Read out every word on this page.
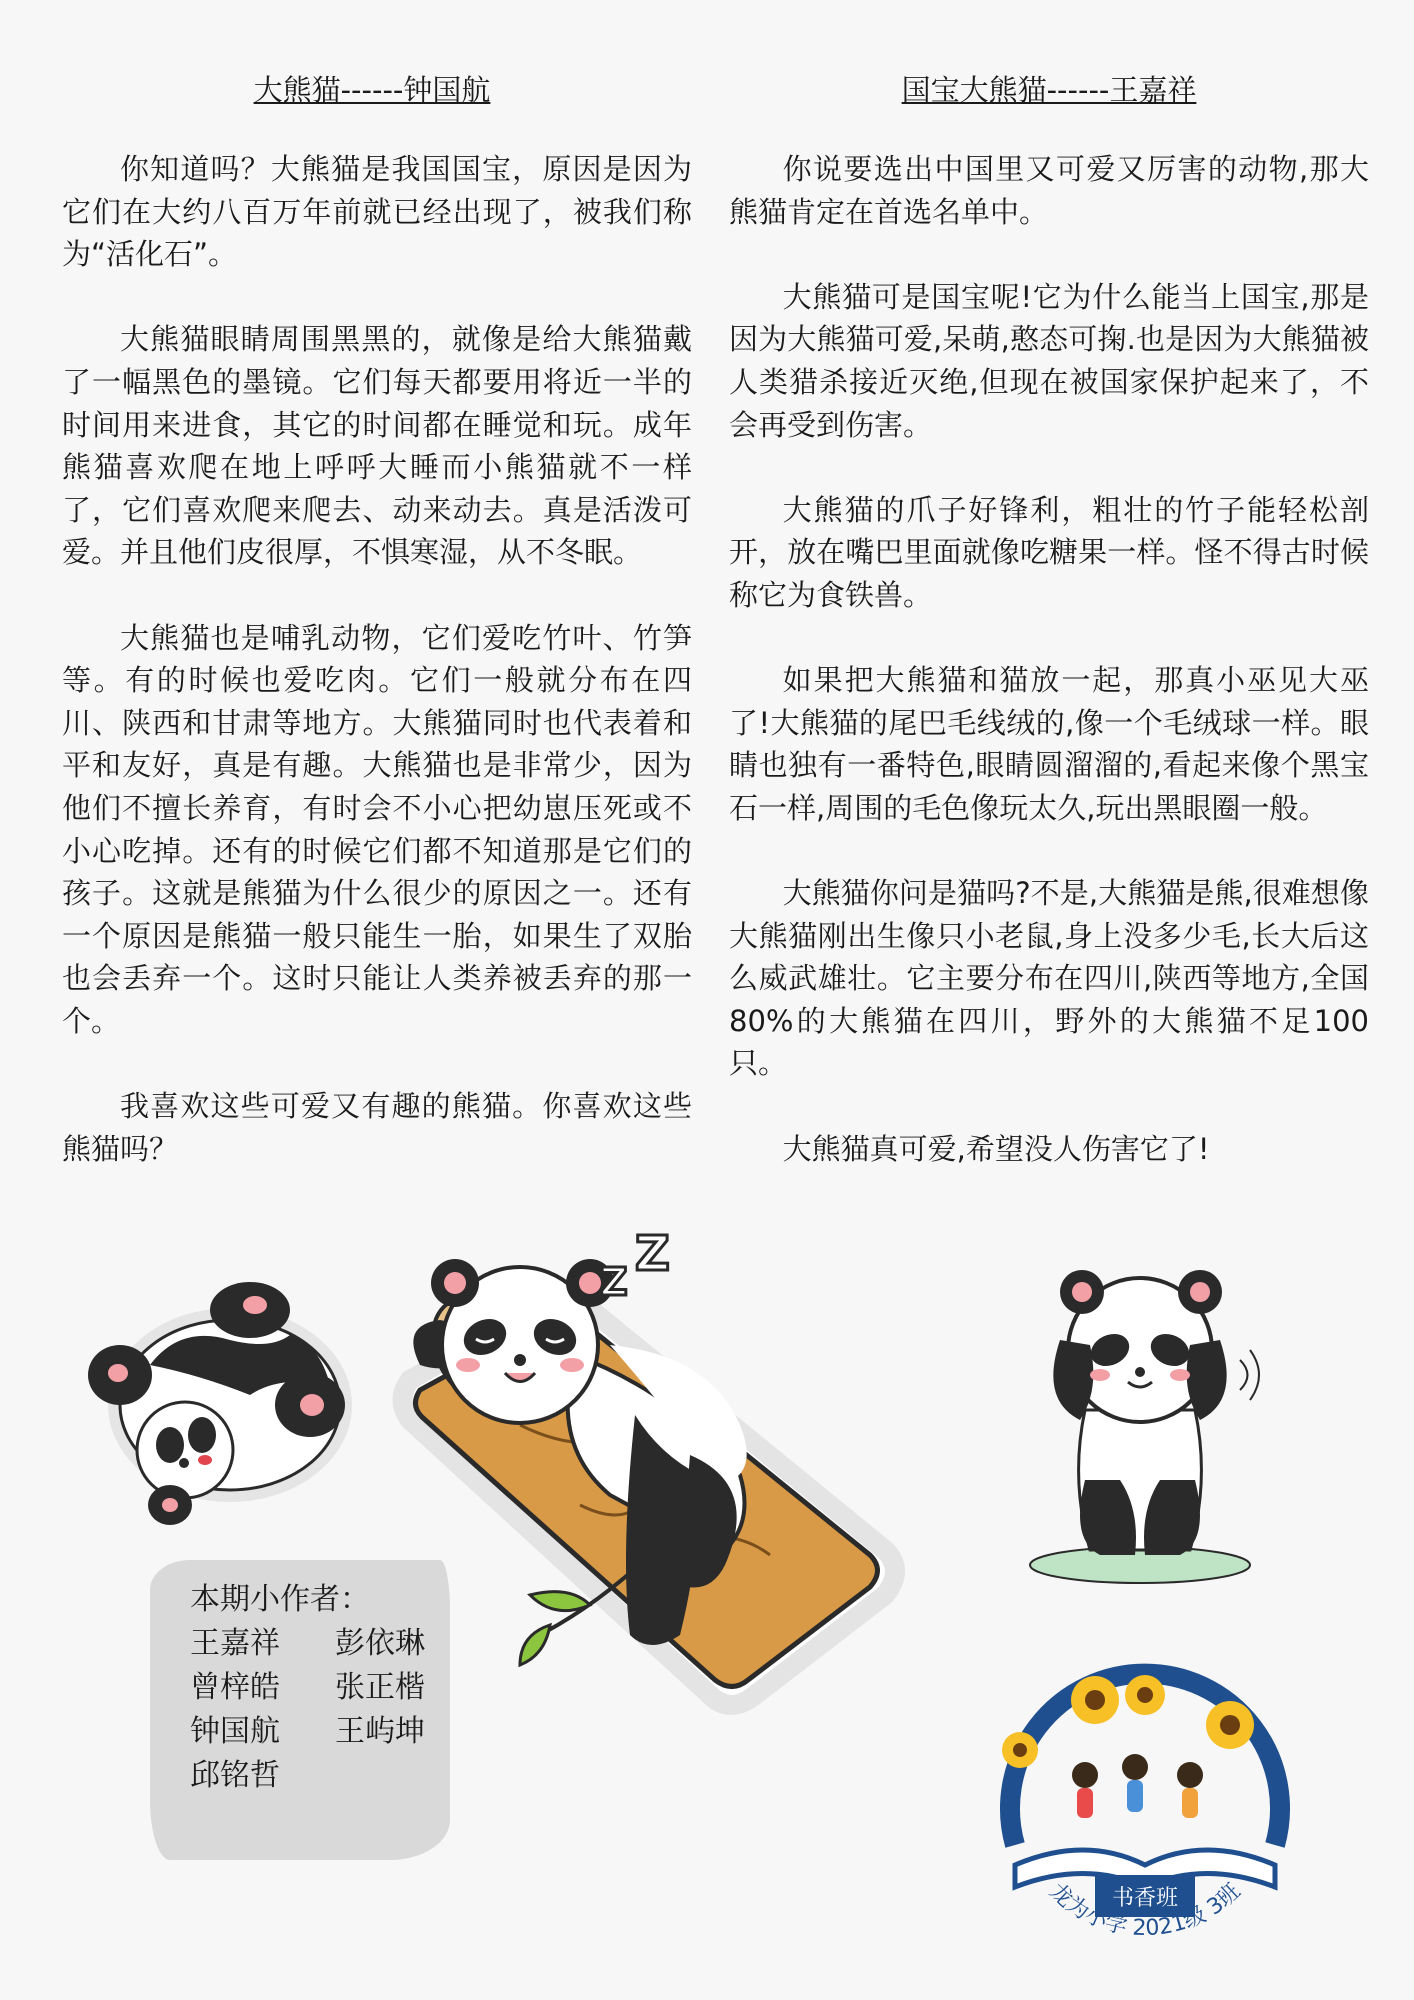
大熊猫------钟国航

你知道吗？大熊猫是我国国宝，原因是因为它们在大约八百万年前就已经出现了，被我们称为“活化石”。

大熊猫眼睛周围黑黑的，就像是给大熊猫戴了一幅黑色的墨镜。它们每天都要用将近一半的时间用来进食，其它的时间都在睡觉和玩。成年熊猫喜欢爬在地上呼呼大睡而小熊猫就不一样了，它们喜欢爬来爬去、动来动去。真是活泼可爱。并且他们皮很厚，不惧寒湿，从不冬眠。

大熊猫也是哺乳动物，它们爱吃竹叶、竹笋等。有的时候也爱吃肉。它们一般就分布在四川、陕西和甘肃等地方。大熊猫同时也代表着和平和友好，真是有趣。大熊猫也是非常少，因为他们不擅长养育，有时会不小心把幼崽压死或不小心吃掉。还有的时候它们都不知道那是它们的孩子。这就是熊猫为什么很少的原因之一。还有一个原因是熊猫一般只能生一胎，如果生了双胎也会丢弃一个。这时只能让人类养被丢弃的那一个。

我喜欢这些可爱又有趣的熊猫。你喜欢这些熊猫吗？

国宝大熊猫------王嘉祥

你说要选出中国里又可爱又厉害的动物,那大熊猫肯定在首选名单中。

大熊猫可是国宝呢!它为什么能当上国宝,那是因为大熊猫可爱,呆萌,憨态可掬.也是因为大熊猫被人类猎杀接近灭绝,但现在被国家保护起来了，不会再受到伤害。

大熊猫的爪子好锋利，粗壮的竹子能轻松剖开，放在嘴巴里面就像吃糖果一样。怪不得古时候称它为食铁兽。

如果把大熊猫和猫放一起，那真小巫见大巫了!大熊猫的尾巴毛线绒的,像一个毛绒球一样。眼睛也独有一番特色,眼睛圆溜溜的,看起来像个黑宝石一样,周围的毛色像玩太久,玩出黑眼圈一般。

大熊猫你问是猫吗?不是,大熊猫是熊,很难想像大熊猫刚出生像只小老鼠,身上没多少毛,长大后这么威武雄壮。它主要分布在四川,陕西等地方,全国80%的大熊猫在四川，野外的大熊猫不足100只。

大熊猫真可爱,希望没人伤害它了!

Z Z
本期小作者：
王嘉祥	彭依琳
曾梓皓	张正楷
钟国航	王屿坤
邱铭哲
书香班
龙为小学 2021级 3班
